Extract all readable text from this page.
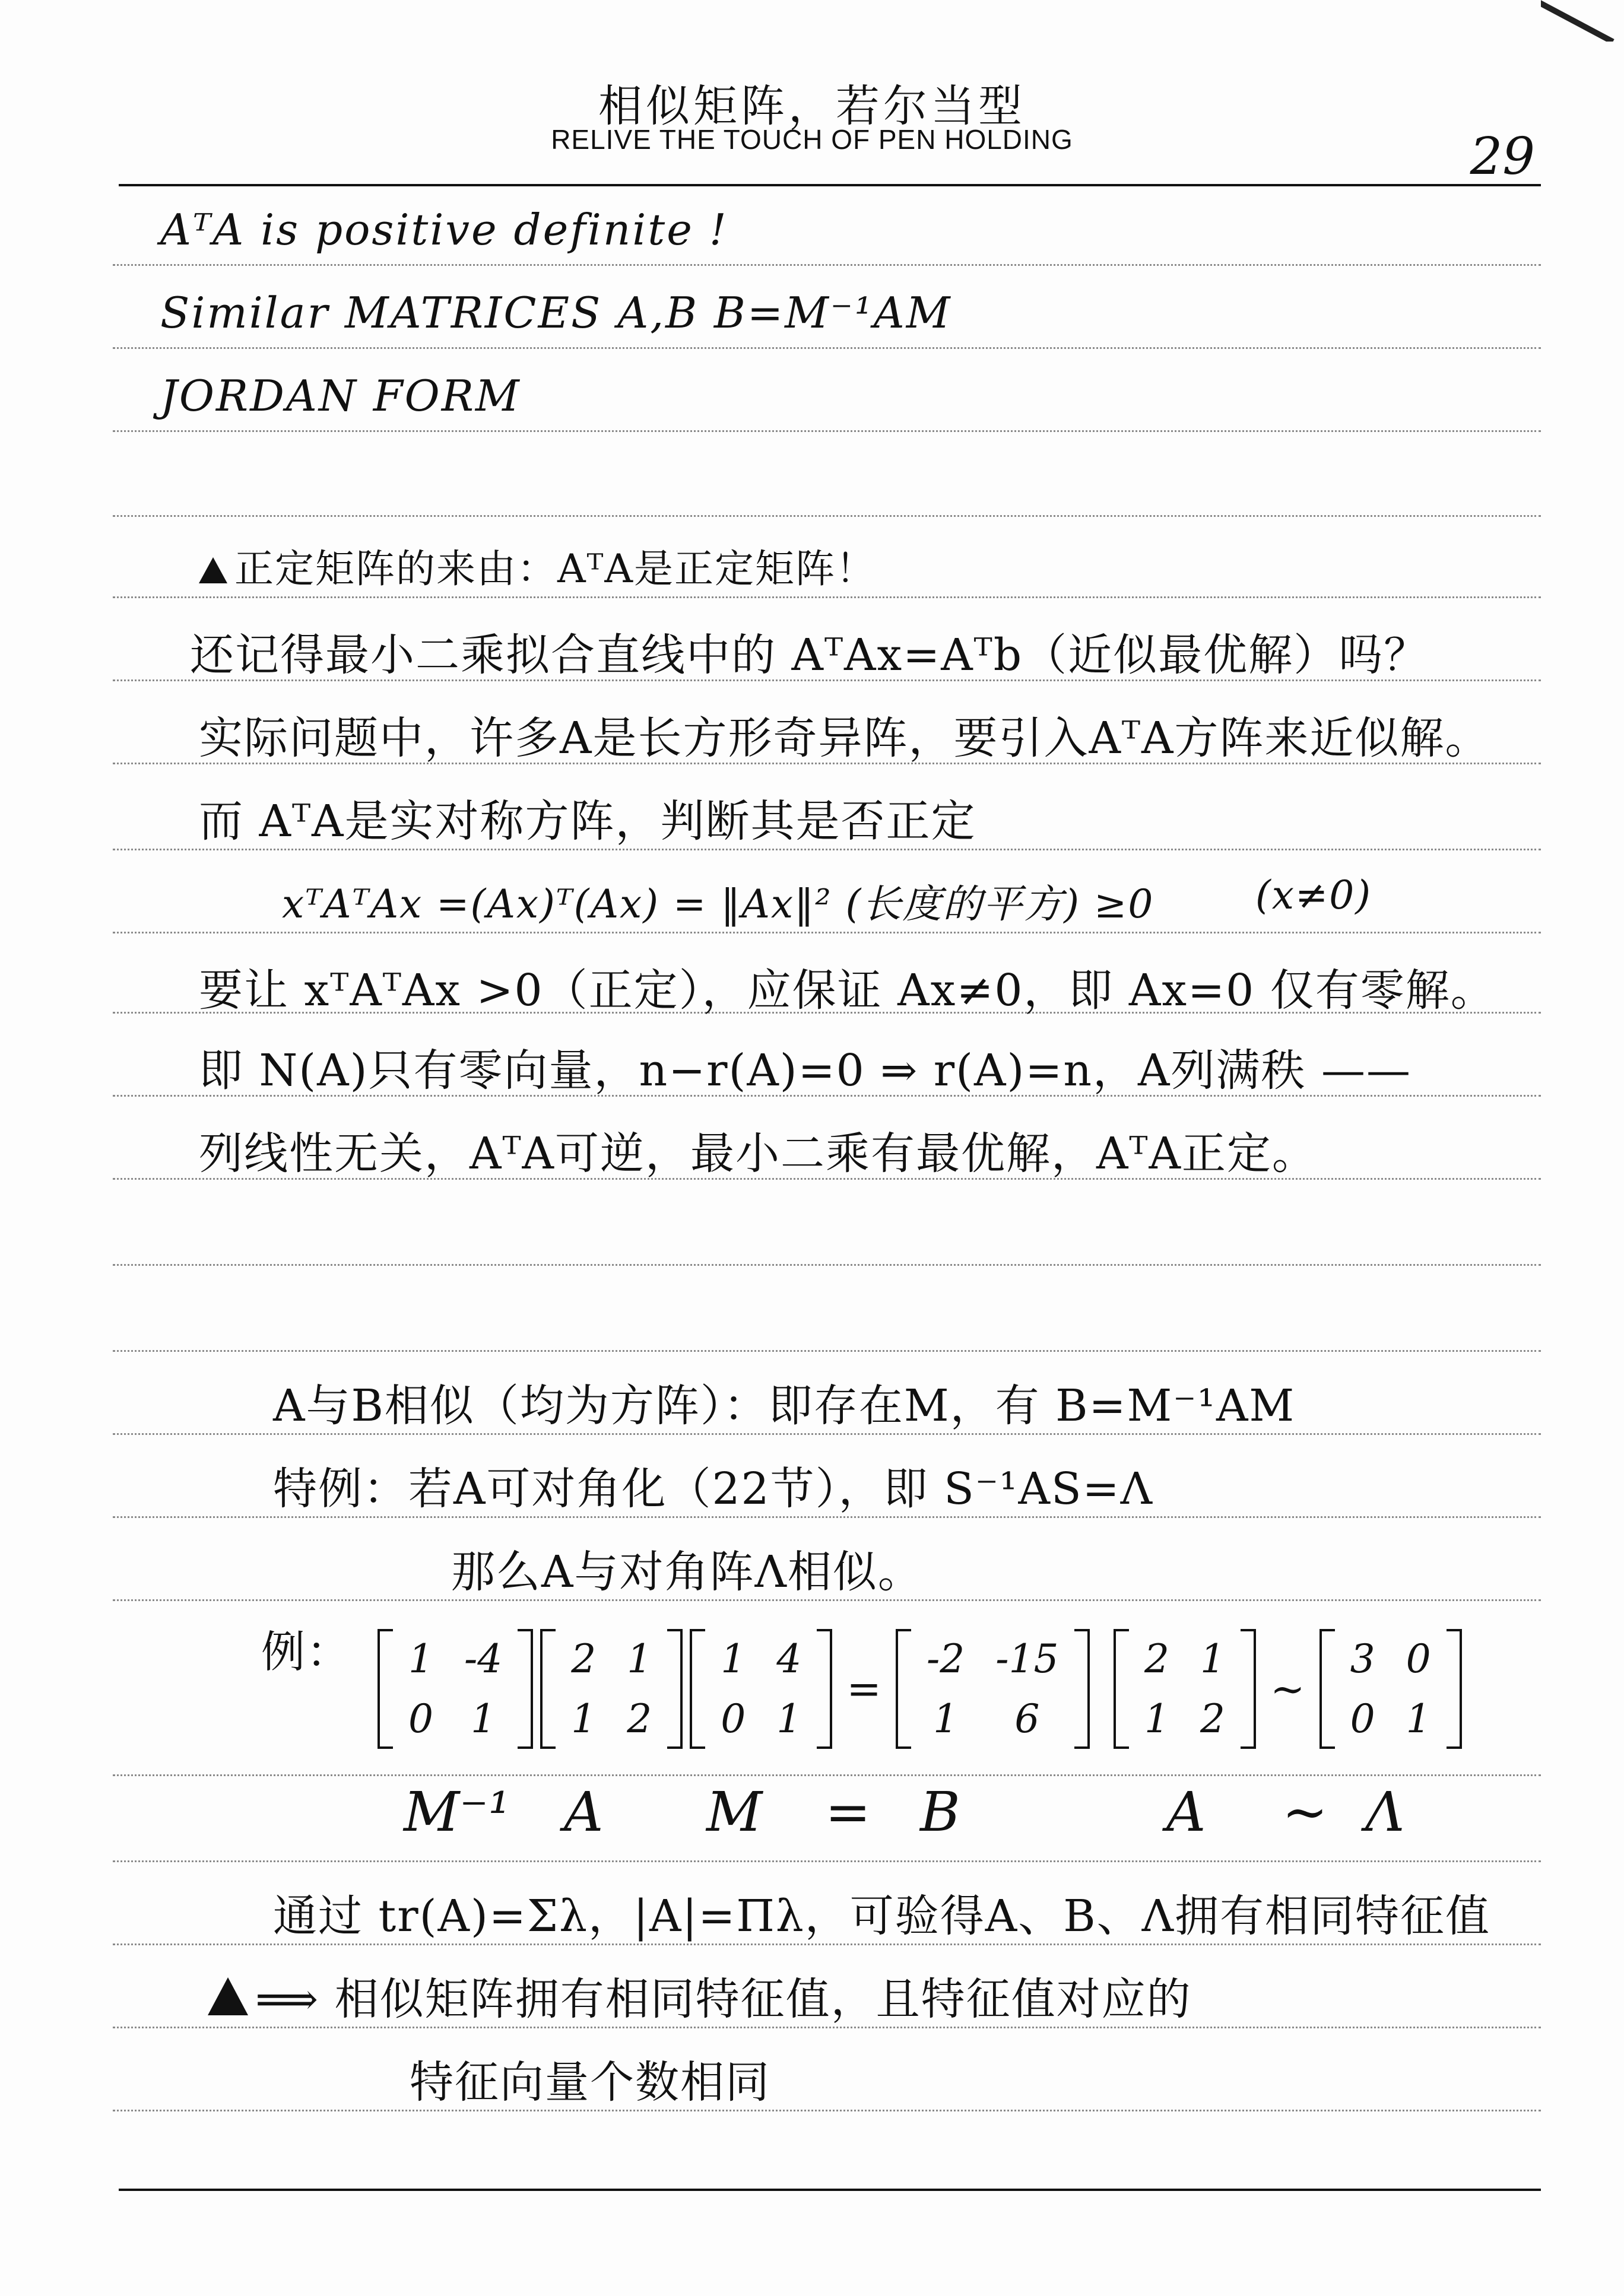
相似矩阵，若尔当型
RELIVE THE TOUCH OF PEN HOLDING	29
AᵀA is positive definite !
Similar MATRICES A,B B=M⁻¹AM
JORDAN FORM
正定矩阵的来由：AᵀA是正定矩阵！
还记得最小二乘拟合直线中的 AᵀAx=Aᵀb（近似最优解）吗？
实际问题中，许多A是长方形奇异阵，要引入AᵀA方阵来近似解。
而 AᵀA是实对称方阵，判断其是否正定
xᵀAᵀAx =(Ax)ᵀ(Ax) = ‖Ax‖² (长度的平方) ≥0	(x≠0)
要让 xᵀAᵀAx >0（正定），应保证 Ax≠0，即 Ax=0 仅有零解。
即 N(A)只有零向量，n−r(A)=0 ⇒ r(A)=n，A列满秩 ——
列线性无关，AᵀA可逆，最小二乘有最优解，AᵀA正定。
A与B相似（均为方阵）：即存在M，有 B=M⁻¹AM
特例：若A可对角化（22节），即 S⁻¹AS=Λ
那么A与对角阵Λ相似。
例： 1	-4
0	1
2	1
1	2
1	4
0	1
=
-2	-15
1	6
2	1
1	2
~
3	0
0	1
M⁻¹ A M = B	A ~ Λ
通过 tr(A)=Σλ，|A|=Πλ，可验得A、B、Λ拥有相同特征值
⟹ 相似矩阵拥有相同特征值，且特征值对应的
特征向量个数相同
